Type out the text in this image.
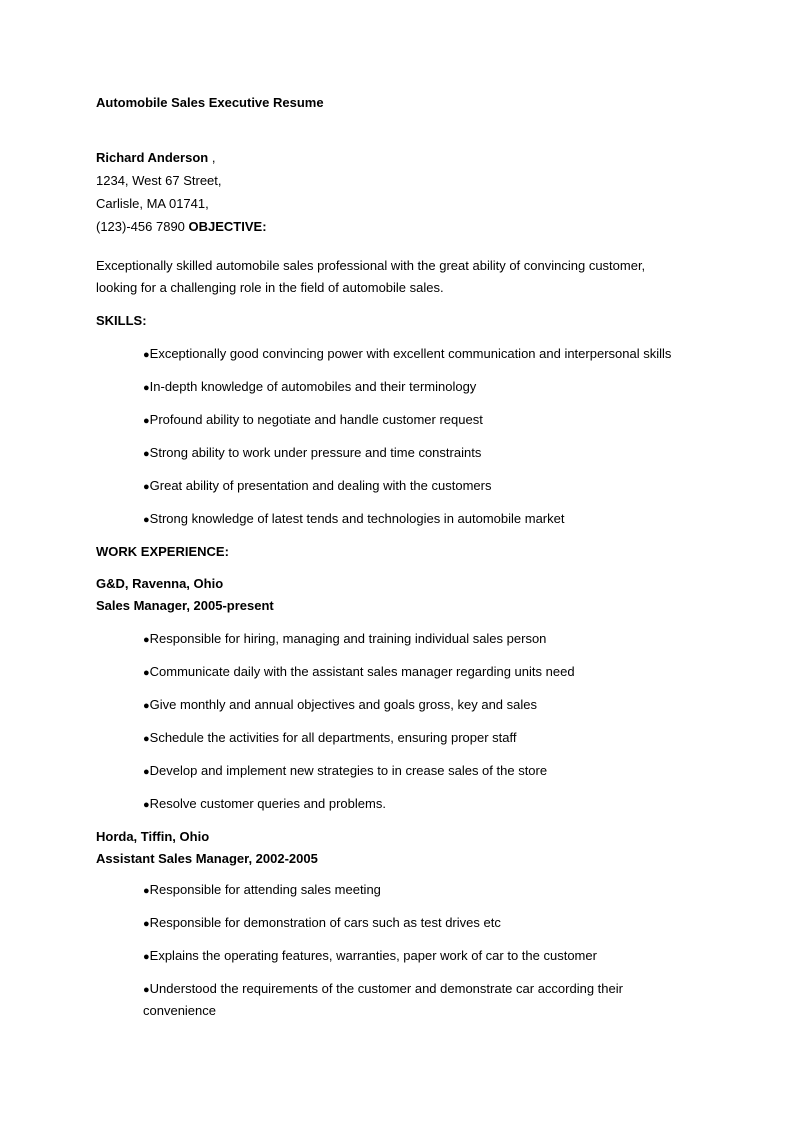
Automobile Sales Executive Resume
Richard Anderson ,
1234, West 67 Street,
Carlisle, MA 01741,
(123)-456 7890 OBJECTIVE:
Exceptionally skilled automobile sales professional with the great ability of convincing customer,
looking for a challenging role in the field of automobile sales.
SKILLS:
●Exceptionally good convincing power with excellent communication and interpersonal skills
●In-depth knowledge of automobiles and their terminology
●Profound ability to negotiate and handle customer request
●Strong ability to work under pressure and time constraints
●Great ability of presentation and dealing with the customers
●Strong knowledge of latest tends and technologies in automobile market
WORK EXPERIENCE:
G&D, Ravenna, Ohio
Sales Manager, 2005-present
●Responsible for hiring, managing and training individual sales person
●Communicate daily with the assistant sales manager regarding units need
●Give monthly and annual objectives and goals gross, key and sales
●Schedule the activities for all departments, ensuring proper staff
●Develop and implement new strategies to in crease sales of the store
●Resolve customer queries and problems.
Horda, Tiffin, Ohio
Assistant Sales Manager, 2002-2005
●Responsible for attending sales meeting
●Responsible for demonstration of cars such as test drives etc
●Explains the operating features, warranties, paper work of car to the customer
●Understood the requirements of the customer and demonstrate car according their
convenience
